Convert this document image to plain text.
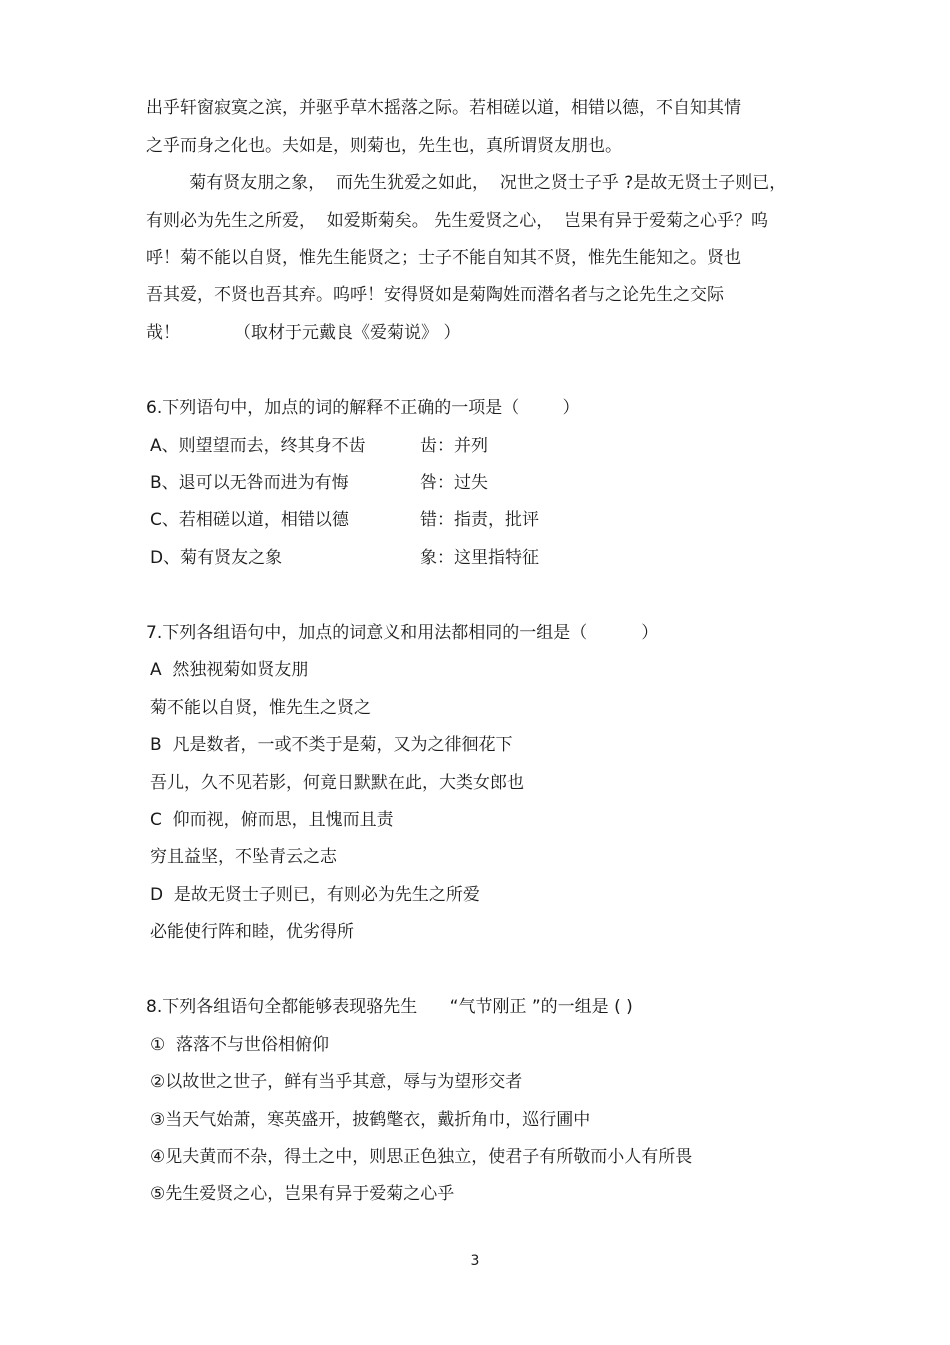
出乎轩窗寂寞之滨，并驱乎草木摇落之际。若相磋以道，相错以德，不自知其情
之乎而身之化也。夫如是，则菊也，先生也，真所谓贤友朋也。
菊有贤友朋之象，  而先生犹爱之如此，  况世之贤士子乎 ?是故无贤士子则已，
有则必为先生之所爱，  如爱斯菊矣。 先生爱贤之心，  岂果有异于爱菊之心乎？呜
呼！菊不能以自贤，惟先生能贤之；士子不能自知其不贤，惟先生能知之。贤也
吾其爱，不贤也吾其弃。呜呼！安得贤如是菊陶姓而潜名者与之论先生之交际
哉！          （取材于元戴良《爱菊说》 ）
6.下列语句中，加点的词的解释不正确的一项是（        ）
A、则望望而去，终其身不齿	齿：并列
B、退可以无咎而进为有悔	咎：过失
C、若相磋以道，相错以德	错：指责，批评
D、菊有贤友之象	象：这里指特征
7.下列各组语句中，加点的词意义和用法都相同的一组是（          ）
A  然独视菊如贤友朋
菊不能以自贤，惟先生之贤之
B  凡是数者，一或不类于是菊，又为之徘徊花下
吾儿，久不见若影，何竟日默默在此，大类女郎也
C  仰而视，俯而思，且愧而且责
穷且益坚，不坠青云之志
D  是故无贤士子则已，有则必为先生之所爱
必能使行阵和睦，优劣得所
8.下列各组语句全都能够表现骆先生      “气节刚正 ”的一组是 ( )
①  落落不与世俗相俯仰
②以故世之世子，鲜有当乎其意，辱与为望形交者
③当天气始萧，寒英盛开，披鹤氅衣，戴折角巾，巡行圃中
④见夫黄而不杂，得土之中，则思正色独立，使君子有所敬而小人有所畏
⑤先生爱贤之心，岂果有异于爱菊之心乎
3
